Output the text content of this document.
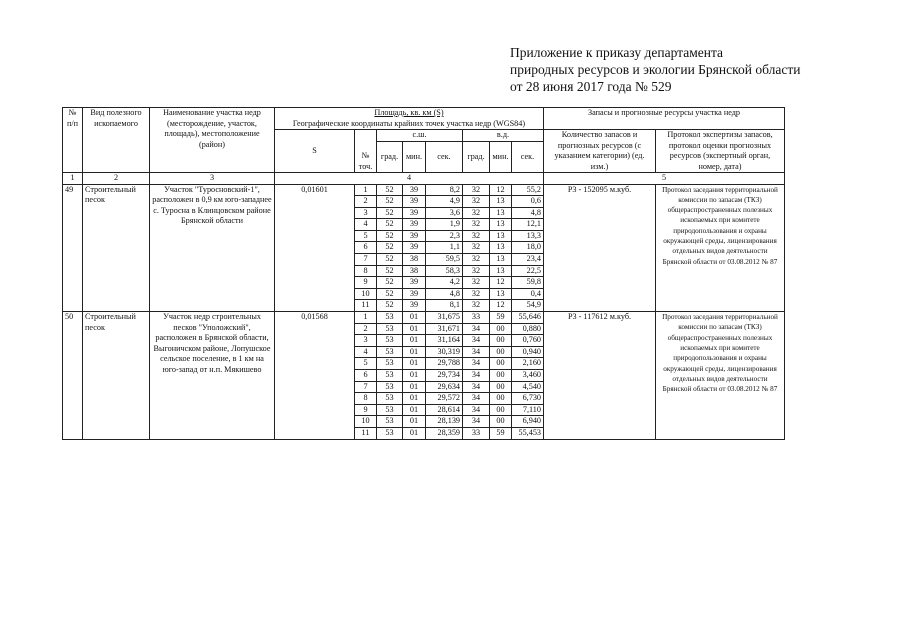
Приложение к приказу департамента
природных ресурсов и экологии Брянской области
от 28 июня 2017 года № 529
№ п/п	Вид полезного ископаемого	Наименование участка недр (месторождение, участок, площадь), местоположение (район)	Площадь, кв. км (S)
Географические координаты крайних точек участка недр (WGS84)								Запасы и прогнозные ресурсы участка недр	
			S	№ точ.	с.ш.			в.д.			Количество запасов и прогнозных ресурсов (с указанием категории) (ед. изм.)	Протокол экспертизы запасов, протокол оценки прогнозных ресурсов (экспертный орган, номер, дата)
					град.	мин.	сек.	град.	мин.	сек.		

1	2	3	4								5	
49	Строительный песок	Участок "Туросновский-1", расположен в 0,9 км юго-западнее с. Туросна в Клинцовском районе Брянской области	0,01601	1	52	39	8,2	32	12	55,2	Р3 - 152095 м.куб.	Протокол заседания территориальной комиссии по запасам (ТКЗ) общераспространенных полезных ископаемых при комитете природопользования и охраны окружающей среды, лицензирования отдельных видов деятельности Брянской области от 03.08.2012 № 87
				2	52	39	4,9	32	13	0,6		
				3	52	39	3,6	32	13	4,8		
				4	52	39	1,9	32	13	12,1		
				5	52	39	2,3	32	13	13,3		
				6	52	39	1,1	32	13	18,0		
				7	52	38	59,5	32	13	23,4		
				8	52	38	58,3	32	13	22,5		
				9	52	39	4,2	32	12	59,8		
				10	52	39	4,8	32	13	0,4		
				11	52	39	8,1	32	12	54,9		
50	Строительный песок	Участок недр строительных песков "Уположский", расположен в Брянской области, Выгоничском районе, Лопушское сельское поселение, в 1 км на юго-запад от н.п. Мякишево	0,01568	1	53	01	31,675	33	59	55,646	Р3 - 117612 м.куб.	Протокол заседания территориальной комиссии по запасам (ТКЗ) общераспространенных полезных ископаемых при комитете природопользования и охраны окружающей среды, лицензирования отдельных видов деятельности Брянской области от 03.08.2012 № 87
				2	53	01	31,671	34	00	0,880		
				3	53	01	31,164	34	00	0,760		
				4	53	01	30,319	34	00	0,940		
				5	53	01	29,788	34	00	2,160		
				6	53	01	29,734	34	00	3,460		
				7	53	01	29,634	34	00	4,540		
				8	53	01	29,572	34	00	6,730		
				9	53	01	28,614	34	00	7,110		
				10	53	01	28,139	34	00	6,940		
				11	53	01	28,359	33	59	55,453		
